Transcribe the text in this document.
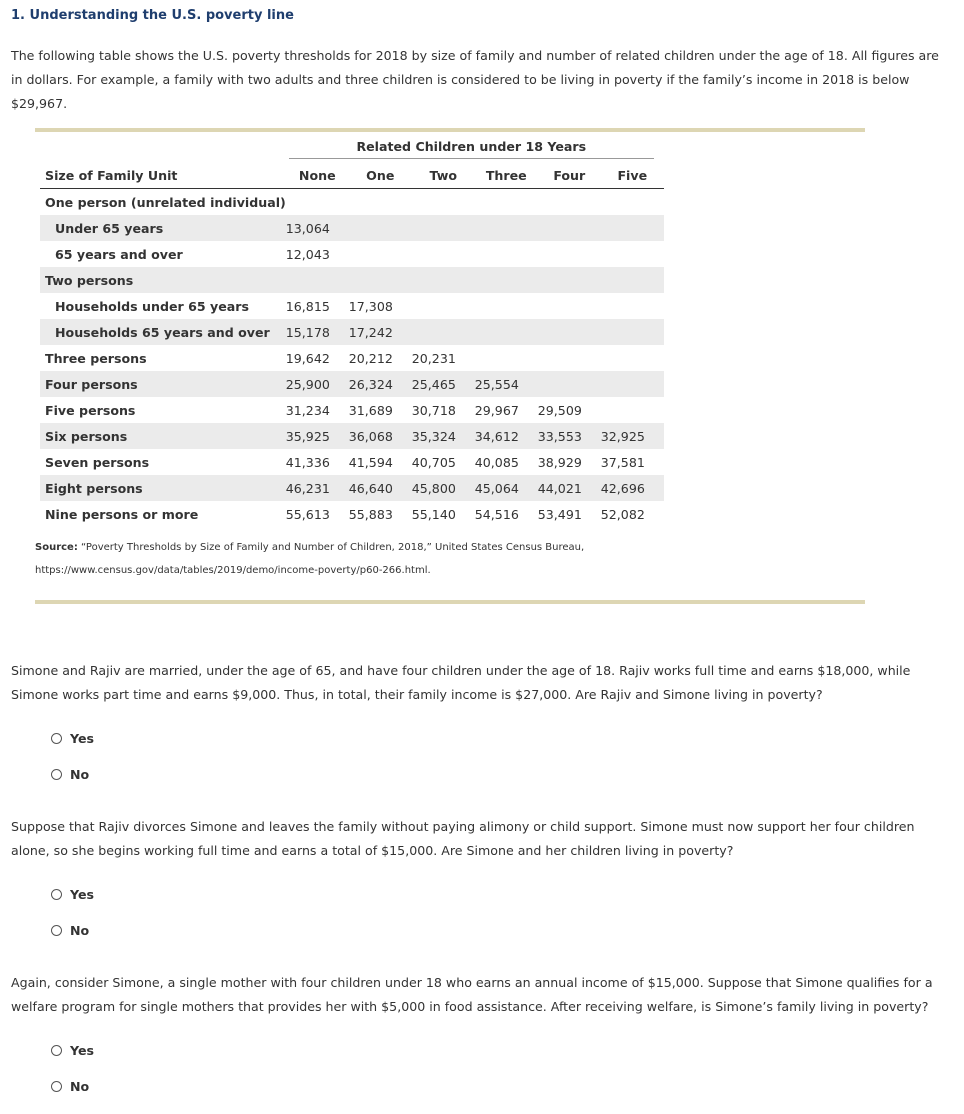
1. Understanding the U.S. poverty line
The following table shows the U.S. poverty thresholds for 2018 by size of family and number of related children under the age of 18. All figures are in dollars. For example, a family with two adults and three children is considered to be living in poverty if the family’s income in 2018 is below $29,967.

	Related Children under 18 Years					

Size of Family Unit	None	One	Two	Three	Four	Five
One person (unrelated individual)						
Under 65 years	13,064					
65 years and over	12,043					
Two persons						
Households under 65 years	16,815	17,308				
Households 65 years and over	15,178	17,242				
Three persons	19,642	20,212	20,231			
Four persons	25,900	26,324	25,465	25,554		
Five persons	31,234	31,689	30,718	29,967	29,509	
Six persons	35,925	36,068	35,324	34,612	33,553	32,925
Seven persons	41,336	41,594	40,705	40,085	38,929	37,581
Eight persons	46,231	46,640	45,800	45,064	44,021	42,696
Nine persons or more	55,613	55,883	55,140	54,516	53,491	52,082
Source: “Poverty Thresholds by Size of Family and Number of Children, 2018,” United States Census Bureau,
https://www.census.gov/data/tables/2019/demo/income-poverty/p60-266.html.
Simone and Rajiv are married, under the age of 65, and have four children under the age of 18. Rajiv works full time and earns $18,000, while Simone works part time and earns $9,000. Thus, in total, their family income is $27,000. Are Rajiv and Simone living in poverty?
Yes
No
Suppose that Rajiv divorces Simone and leaves the family without paying alimony or child support. Simone must now support her four children alone, so she begins working full time and earns a total of $15,000. Are Simone and her children living in poverty?
Yes
No
Again, consider Simone, a single mother with four children under 18 who earns an annual income of $15,000. Suppose that Simone qualifies for a welfare program for single mothers that provides her with $5,000 in food assistance. After receiving welfare, is Simone’s family living in poverty?
Yes
No
